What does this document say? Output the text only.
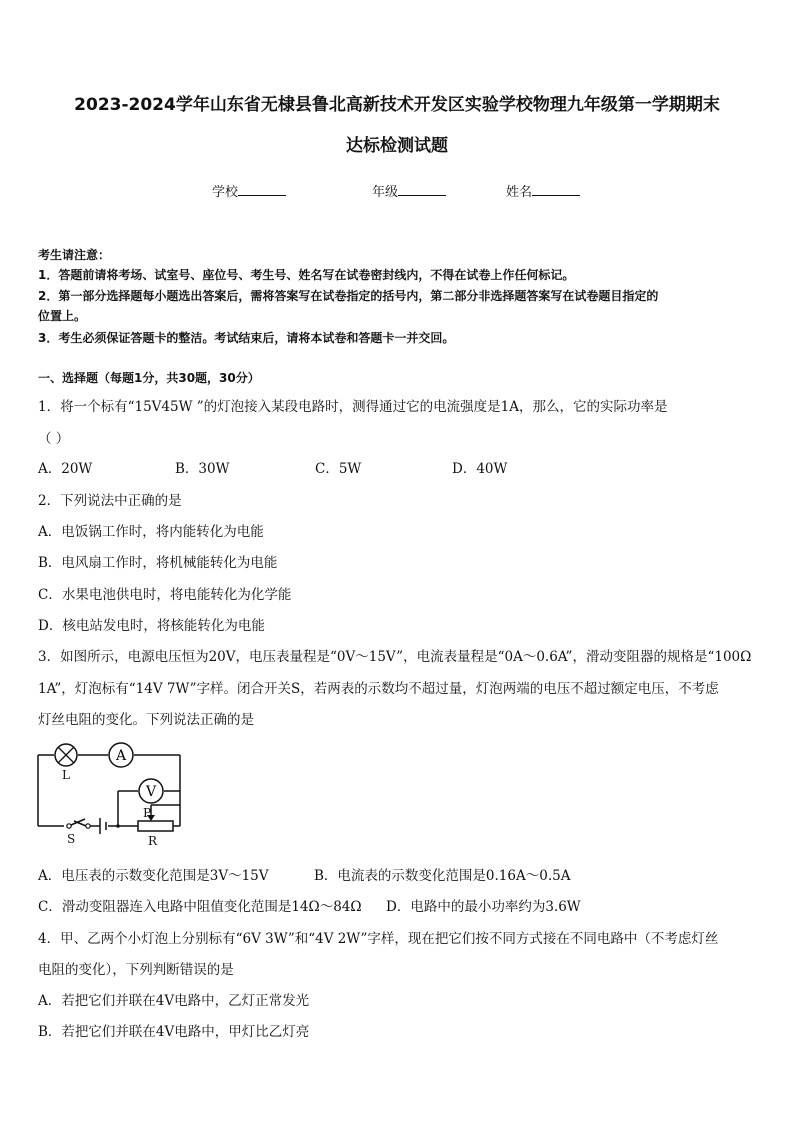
2023-2024学年山东省无棣县鲁北高新技术开发区实验学校物理九年级第一学期期末
达标检测试题
学校	年级	姓名
考生请注意：
1．答题前请将考场、试室号、座位号、考生号、姓名写在试卷密封线内，不得在试卷上作任何标记。
2．第一部分选择题每小题选出答案后，需将答案写在试卷指定的括号内，第二部分非选择题答案写在试卷题目指定的
位置上。
3．考生必须保证答题卡的整洁。考试结束后，请将本试卷和答题卡一并交回。
一、选择题（每题1分，共30题，30分）
1．将一个标有“15V45W ”的灯泡接入某段电路时，测得通过它的电流强度是1A，那么，它的实际功率是
（ ）
A．20W	B．30W	C．5W	D．40W
2．下列说法中正确的是
A．电饭锅工作时，将内能转化为电能
B．电风扇工作时，将机械能转化为电能
C．水果电池供电时，将电能转化为化学能
D．核电站发电时，将核能转化为电能
3．如图所示，电源电压恒为20V，电压表量程是“0V～15V”，电流表量程是“0A～0.6A”，滑动变阻器的规格是“100Ω
1A”，灯泡标有“14V 7W”字样。闭合开关S，若两表的示数均不超过量，灯泡两端的电压不超过额定电压，不考虑
灯丝电阻的变化。下列说法正确的是
A
V
L
P
R
S
A．电压表的示数变化范围是3V～15V	B．电流表的示数变化范围是0.16A～0.5A
C．滑动变阻器连入电路中阻值变化范围是14Ω～84Ω D．电路中的最小功率约为3.6W
4．甲、乙两个小灯泡上分别标有“6V 3W”和“4V 2W”字样，现在把它们按不同方式接在不同电路中（不考虑灯丝
电阻的变化），下列判断错误的是
A．若把它们并联在4V电路中，乙灯正常发光
B．若把它们并联在4V电路中，甲灯比乙灯亮
